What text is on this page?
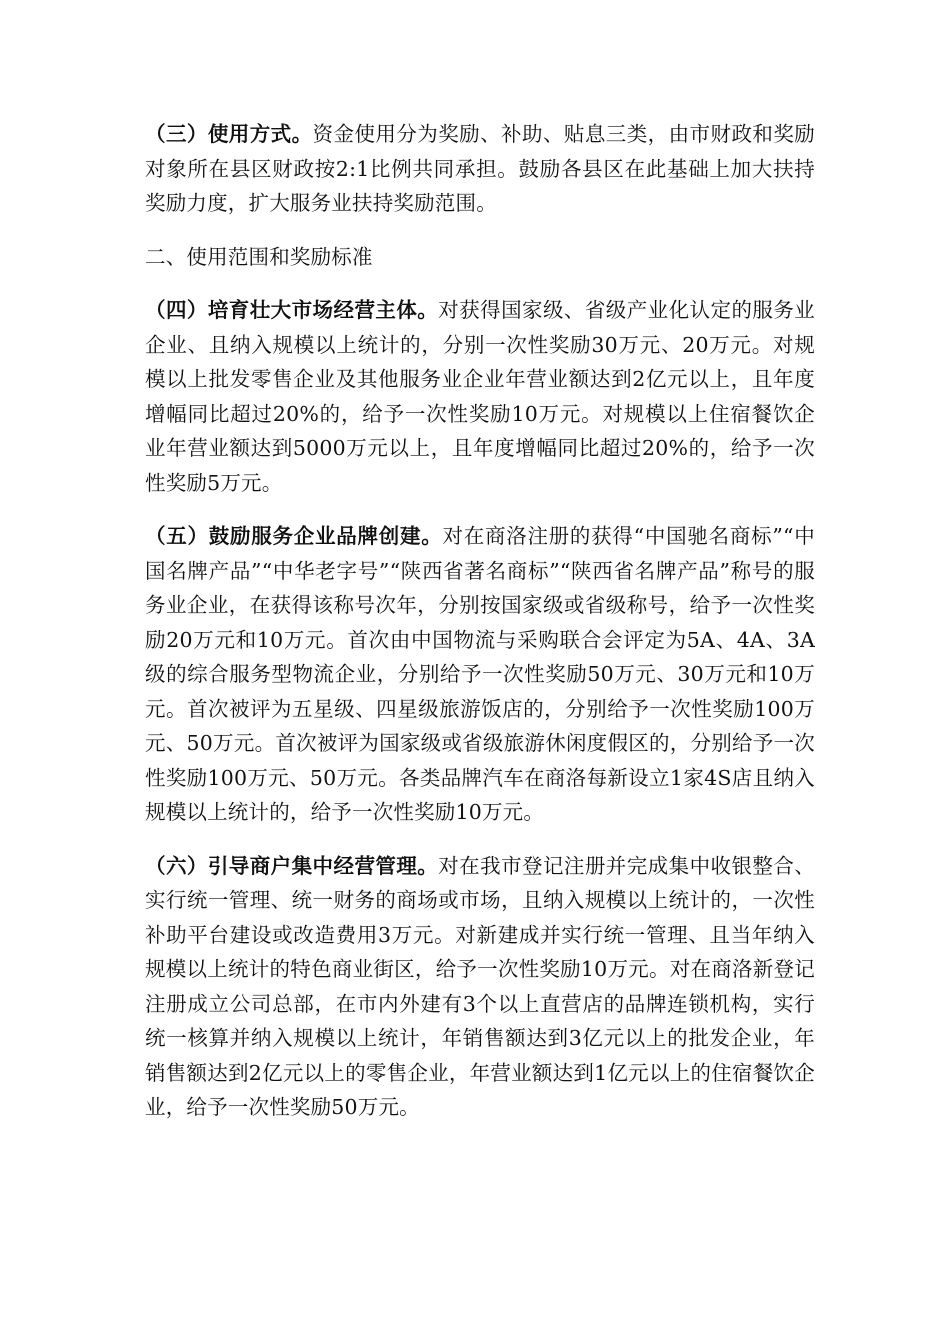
（三）使用方式。资金使用分为奖励、补助、贴息三类，由市财政和奖励对象所在县区财政按2:1比例共同承担。鼓励各县区在此基础上加大扶持奖励力度，扩大服务业扶持奖励范围。

二、使用范围和奖励标准

（四）培育壮大市场经营主体。对获得国家级、省级产业化认定的服务业企业、且纳入规模以上统计的，分别一次性奖励30万元、20万元。对规模以上批发零售企业及其他服务业企业年营业额达到2亿元以上，且年度增幅同比超过20%的，给予一次性奖励10万元。对规模以上住宿餐饮企业年营业额达到5000万元以上，且年度增幅同比超过20%的，给予一次性奖励5万元。

（五）鼓励服务企业品牌创建。对在商洛注册的获得“中国驰名商标”“中国名牌产品”“中华老字号”“陕西省著名商标”“陕西省名牌产品”称号的服务业企业，在获得该称号次年，分别按国家级或省级称号，给予一次性奖励20万元和10万元。首次由中国物流与采购联合会评定为5A、4A、3A级的综合服务型物流企业，分别给予一次性奖励50万元、30万元和10万元。首次被评为五星级、四星级旅游饭店的，分别给予一次性奖励100万元、50万元。首次被评为国家级或省级旅游休闲度假区的，分别给予一次性奖励100万元、50万元。各类品牌汽车在商洛每新设立1家4S店且纳入规模以上统计的，给予一次性奖励10万元。

（六）引导商户集中经营管理。对在我市登记注册并完成集中收银整合、实行统一管理、统一财务的商场或市场，且纳入规模以上统计的，一次性补助平台建设或改造费用3万元。对新建成并实行统一管理、且当年纳入规模以上统计的特色商业街区，给予一次性奖励10万元。对在商洛新登记注册成立公司总部，在市内外建有3个以上直营店的品牌连锁机构，实行统一核算并纳入规模以上统计，年销售额达到3亿元以上的批发企业，年销售额达到2亿元以上的零售企业，年营业额达到1亿元以上的住宿餐饮企业，给予一次性奖励50万元。
